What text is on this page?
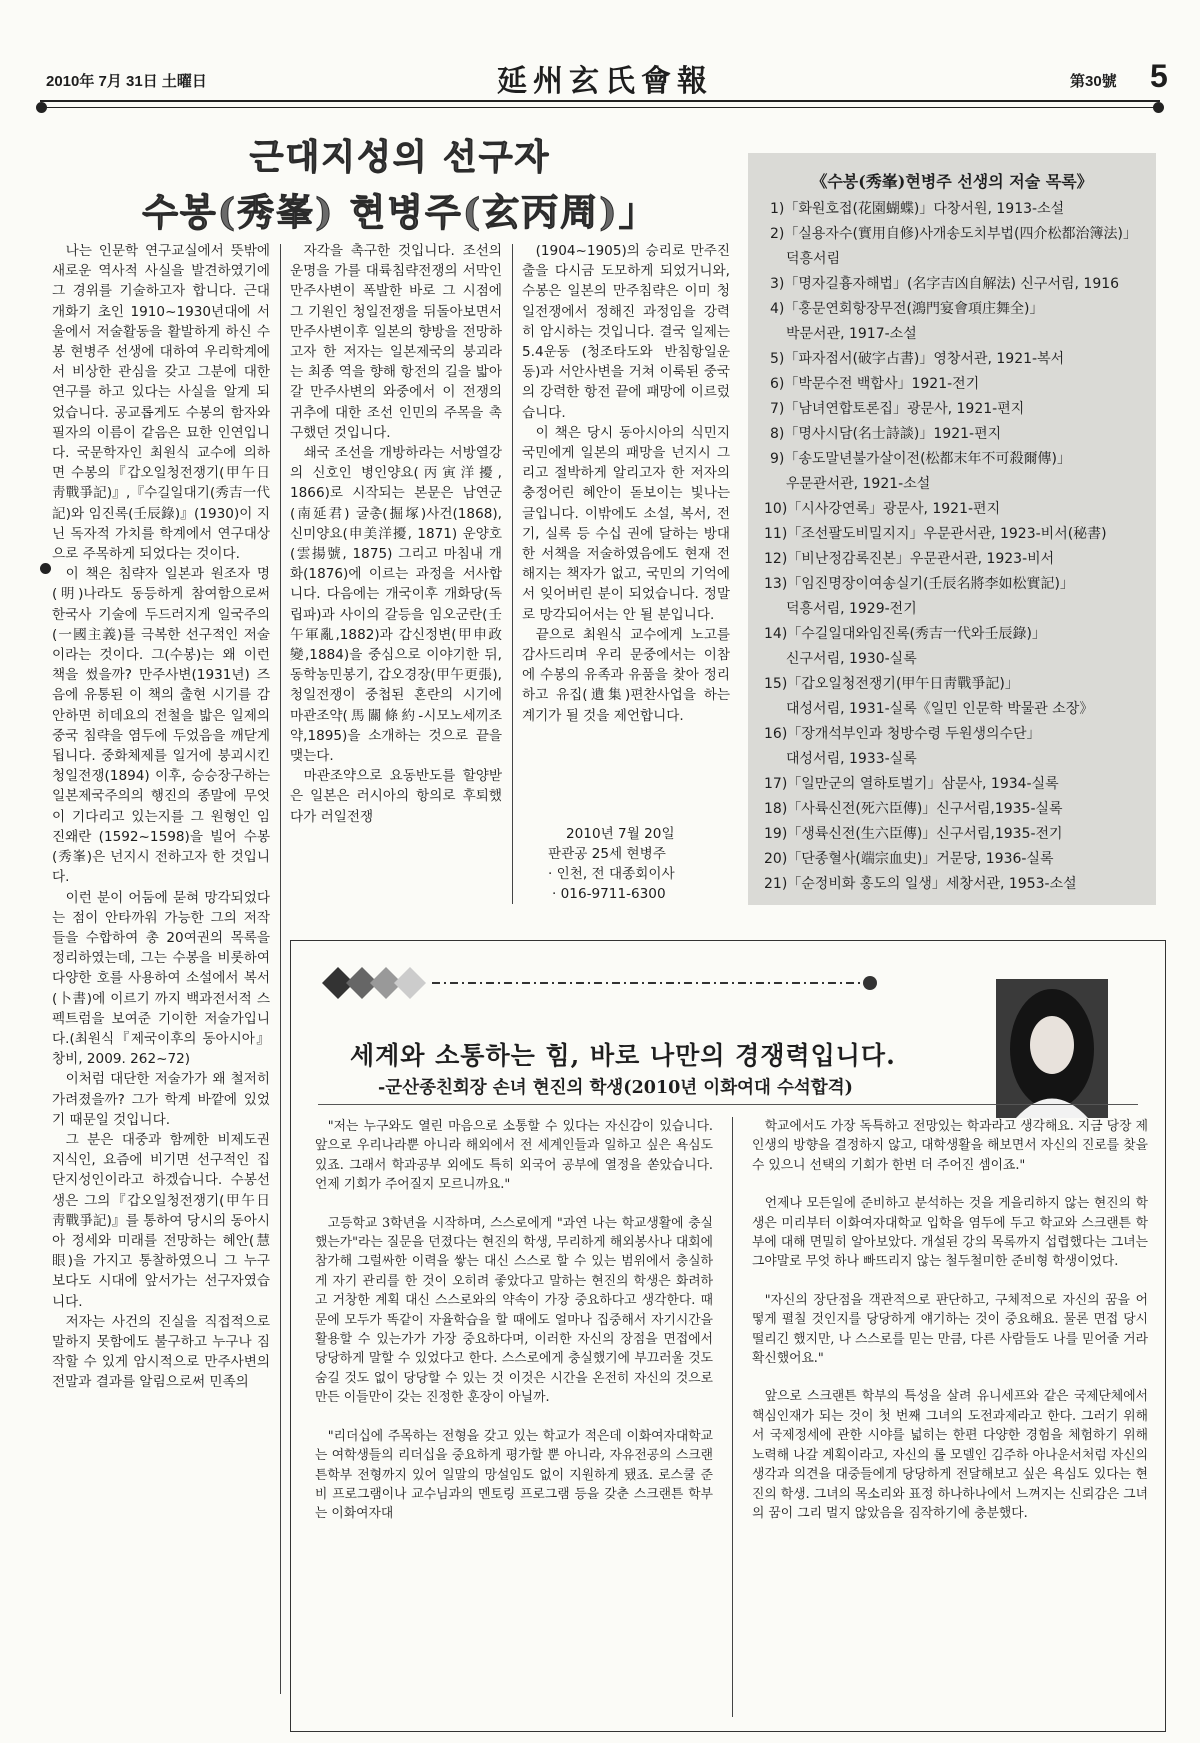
2010年 7月 31日 土曜日	延州玄氏會報	第30號 5
근대지성의 선구자
수봉(秀峯) 현병주(玄丙周)」

나는 인문학 연구교실에서 뜻밖에 새로운 역사적 사실을 발견하였기에 그 경위를 기술하고자 합니다. 근대 개화기 초인 1910~1930년대에 서울에서 저술활동을 활발하게 하신 수봉 현병주 선생에 대하여 우리학계에서 비상한 관심을 갖고 그분에 대한 연구를 하고 있다는 사실을 알게 되었습니다. 공교롭게도 수봉의 함자와 필자의 이름이 같음은 묘한 인연입니다. 국문학자인 최원식 교수에 의하면 수봉의『갑오일청전쟁기(甲午日靑戰爭記)』,『수길일대기(秀吉一代記)와 임진록(壬辰錄)』(1930)이 지닌 독자적 가치를 학계에서 연구대상으로 주목하게 되었다는 것이다.

이 책은 침략자 일본과 원조자 명(明)나라도 동등하게 참여함으로써 한국사 기술에 두드러지게 일국주의(一國主義)를 극복한 선구적인 저술이라는 것이다. 그(수봉)는 왜 이런 책을 썼을까? 만주사변(1931년) 즈음에 유통된 이 책의 출현 시기를 감안하면 히데요의 전철을 밟은 일제의 중국 침략을 염두에 두었음을 깨닫게 됩니다. 중화체제를 일거에 붕괴시킨 청일전쟁(1894) 이후, 승승장구하는 일본제국주의의 행진의 종말에 무엇이 기다리고 있는지를 그 원형인 임진왜란 (1592~1598)을 빌어 수봉(秀峯)은 넌지시 전하고자 한 것입니다.

이런 분이 어둠에 묻혀 망각되었다는 점이 안타까워 가능한 그의 저작들을 수합하여 총 20여권의 목록을 정리하였는데, 그는 수봉을 비롯하여 다양한 호를 사용하여 소설에서 복서(卜書)에 이르기 까지 백과전서적 스펙트럼을 보여준 기이한 저술가입니다.(최원식『제국이후의 동아시아』창비, 2009. 262~72)

이처럼 대단한 저술가가 왜 철저히 가려졌을까? 그가 학계 바깥에 있었기 때문일 것입니다.

그 분은 대중과 함께한 비제도권 지식인, 요즘에 비기면 선구적인 집단지성인이라고 하겠습니다. 수봉선생은 그의『갑오일청전쟁기(甲午日靑戰爭記)』를 통하여 당시의 동아시아 정세와 미래를 전망하는 혜안(慧眼)을 가지고 통찰하였으니 그 누구보다도 시대에 앞서가는 선구자였습니다.

저자는 사건의 진실을 직접적으로 말하지 못함에도 불구하고 누구나 짐작할 수 있게 암시적으로 만주사변의 전말과 결과를 알림으로써 민족의

자각을 촉구한 것입니다. 조선의 운명을 가를 대륙침략전쟁의 서막인 만주사변이 폭발한 바로 그 시점에 그 기원인 청일전쟁을 뒤돌아보면서 만주사변이후 일본의 향방을 전망하고자 한 저자는 일본제국의 붕괴라는 최종 역을 향해 항전의 길을 밟아갈 만주사변의 와중에서 이 전쟁의 귀추에 대한 조선 인민의 주목을 촉구했던 것입니다.

쇄국 조선을 개방하라는 서방열강의 신호인 병인양요(丙寅洋擾, 1866)로 시작되는 본문은 남연군(南延君) 굴총(掘塚)사건(1868), 신미양요(申美洋擾, 1871) 운양호(雲揚號, 1875) 그리고 마침내 개화(1876)에 이르는 과정을 서사합니다. 다음에는 개국이후 개화당(독립파)과 사이의 갈등을 임오군란(壬午軍亂,1882)과 갑신정변(甲申政變,1884)을 중심으로 이야기한 뒤, 동학농민봉기, 갑오경장(甲午更張), 청일전쟁이 중첩된 혼란의 시기에 마관조약(馬關條約-시모노세끼조약,1895)을 소개하는 것으로 끝을 맺는다.

마관조약으로 요동반도를 할양받은 일본은 러시아의 항의로 후퇴했다가 러일전쟁

(1904~1905)의 승리로 만주진출을 다시금 도모하게 되었거니와, 수봉은 일본의 만주침략은 이미 청일전쟁에서 정해진 과정임을 강력히 암시하는 것입니다. 결국 일제는 5.4운동 (청조타도와 반침항일운동)과 서안사변을 거쳐 이룩된 중국의 강력한 항전 끝에 패망에 이르렀습니다.

이 책은 당시 동아시아의 식민지 국민에게 일본의 패망을 넌지시 그리고 절박하게 알리고자 한 저자의 충정어린 혜안이 돋보이는 빛나는 글입니다. 이밖에도 소설, 복서, 전기, 실록 등 수십 권에 달하는 방대한 서책을 저술하였음에도 현재 전해지는 책자가 없고, 국민의 기억에서 잊어버린 분이 되었습니다. 정말로 망각되어서는 안 될 분입니다.

끝으로 최원식 교수에게 노고를 감사드리며 우리 문중에서는 이참에 수봉의 유족과 유품을 찾아 정리하고 유집(遺集)편찬사업을 하는 계기가 될 것을 제언합니다.

2010년 7월 20일
판관공 25세 현병주
· 인천, 전 대종회이사
· 016-9711-6300
《수봉(秀峯)현병주 선생의 저술 목록》
1)「화원호접(花園蝴蝶)」다창서원, 1913-소설
2)「실용자수(實用自修)사개송도치부법(四介松都治簿法)」
덕흥서림
3)「명자길흉자해법」(名字吉凶自解法) 신구서림, 1916
4)「홍문연회항장무전(鴻門宴會項庄舞全)」
박문서관, 1917-소설
5)「파자점서(破字占書)」영창서관, 1921-복서
6)「박문수전 백합사」1921-전기
7)「남녀연합토론집」광문사, 1921-편지
8)「명사시담(名士詩談)」1921-편지
9)「송도말년불가살이전(松都末年不可殺爾傳)」
우문관서관, 1921-소설
10)「시사강연록」광문사, 1921-편지
11)「조선팔도비밀지지」우문관서관, 1923-비서(秘書)
12)「비난정감록진본」우문관서관, 1923-비서
13)「임진명장이여송실기(壬辰名將李如松實記)」
덕흥서림, 1929-전기
14)「수길일대와임진록(秀吉一代와壬辰錄)」
신구서림, 1930-실록
15)「갑오일청전쟁기(甲午日靑戰爭記)」
대성서림, 1931-실록《일민 인문학 박물관 소장》
16)「장개석부인과 청방수령 두원생의수단」
대성서림, 1933-실록
17)「일만군의 열하토벌기」삼문사, 1934-실록
18)「사륙신전(死六臣傳)」신구서림,1935-실록
19)「생륙신전(生六臣傳)」신구서림,1935-전기
20)「단종혈사(端宗血史)」거문당, 1936-실록
21)「순정비화 홍도의 일생」세창서관, 1953-소설
세계와 소통하는 힘, 바로 나만의 경쟁력입니다.
-군산종친회장 손녀 현진의 학생(2010년 이화여대 수석합격)

"저는 누구와도 열린 마음으로 소통할 수 있다는 자신감이 있습니다. 앞으로 우리나라뿐 아니라 해외에서 전 세계인들과 일하고 싶은 욕심도 있죠. 그래서 학과공부 외에도 특히 외국어 공부에 열정을 쏟았습니다. 언제 기회가 주어질지 모르니까요."

고등학교 3학년을 시작하며, 스스로에게 "과연 나는 학교생활에 충실 했는가"라는 질문을 던졌다는 현진의 학생, 무리하게 해외봉사나 대회에 참가해 그럴싸한 이력을 쌓는 대신 스스로 할 수 있는 범위에서 충실하게 자기 관리를 한 것이 오히려 좋았다고 말하는 현진의 학생은 화려하고 거창한 계획 대신 스스로와의 약속이 가장 중요하다고 생각한다. 때문에 모두가 똑같이 자율학습을 할 때에도 얼마나 집중해서 자기시간을 활용할 수 있는가가 가장 중요하다며, 이러한 자신의 장점을 면접에서 당당하게 말할 수 있었다고 한다. 스스로에게 충실했기에 부끄러울 것도 숨길 것도 없이 당당할 수 있는 것 이것은 시간을 온전히 자신의 것으로 만든 이들만이 갖는 진정한 훈장이 아닐까.

"리더십에 주목하는 전형을 갖고 있는 학교가 적은데 이화여자대학교는 여학생들의 리더십을 중요하게 평가할 뿐 아니라, 자유전공의 스크랜튼학부 전형까지 있어 일말의 망설임도 없이 지원하게 됐죠. 로스쿨 준비 프로그램이나 교수님과의 멘토링 프로그램 등을 갖춘 스크랜튼 학부는 이화여자대

학교에서도 가장 독특하고 전망있는 학과라고 생각해요. 지금 당장 제 인생의 방향을 결정하지 않고, 대학생활을 해보면서 자신의 진로를 찾을 수 있으니 선택의 기회가 한번 더 주어진 셈이죠."

언제나 모든일에 준비하고 분석하는 것을 게을리하지 않는 현진의 학생은 미리부터 이화여자대학교 입학을 염두에 두고 학교와 스크랜튼 학부에 대해 면밀히 알아보았다. 개설된 강의 목록까지 섭렵했다는 그녀는 그야말로 무엇 하나 빠뜨리지 않는 철두철미한 준비형 학생이었다.

"자신의 장단점을 객관적으로 판단하고, 구체적으로 자신의 꿈을 어떻게 펼칠 것인지를 당당하게 얘기하는 것이 중요해요. 물론 면접 당시 떨리긴 했지만, 나 스스로를 믿는 만큼, 다른 사람들도 나를 믿어줄 거라 확신했어요."

앞으로 스크랜튼 학부의 특성을 살려 유니세프와 같은 국제단체에서 핵심인재가 되는 것이 첫 번째 그녀의 도전과제라고 한다. 그러기 위해서 국제정세에 관한 시야를 넓히는 한편 다양한 경험을 체험하기 위해 노력해 나갈 계획이라고, 자신의 롤 모델인 김주하 아나운서처럼 자신의 생각과 의견을 대중들에게 당당하게 전달해보고 싶은 욕심도 있다는 현진의 학생. 그녀의 목소리와 표정 하나하나에서 느껴지는 신뢰감은 그녀의 꿈이 그리 멀지 않았음을 짐작하기에 충분했다.
